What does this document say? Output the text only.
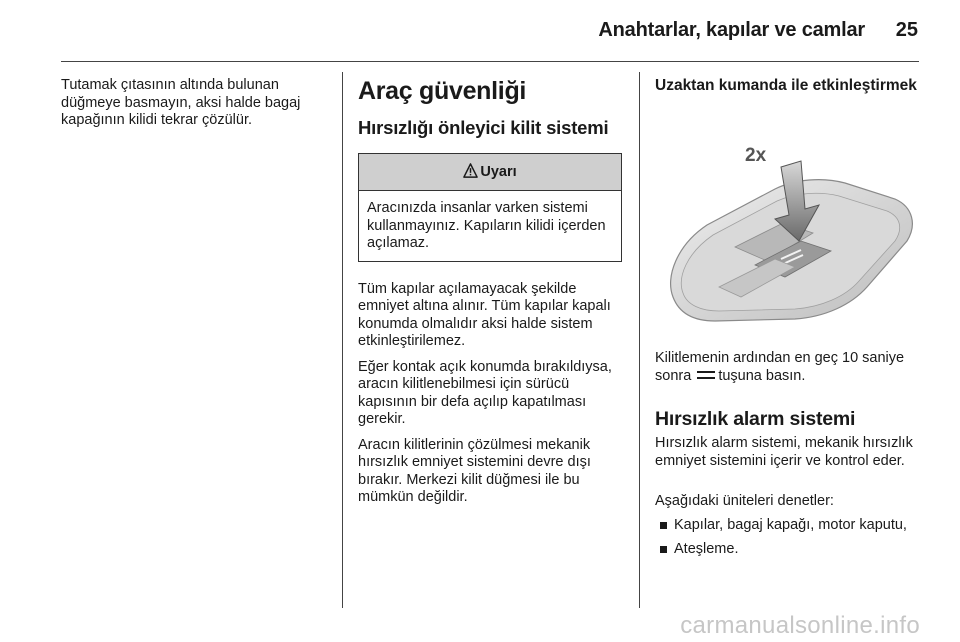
Anahtarlar, kapılar ve camlar 25
Tutamak çıtasının altında bulunan düğmeye basmayın, aksi halde bagaj kapağının kilidi tekrar çözülür.
Araç güvenliği
Hırsızlığı önleyici kilit sistemi
Uyarı
Aracınızda insanlar varken sistemi kullanmayınız. Kapıların kilidi içerden açılamaz.
Tüm kapılar açılamayacak şekilde emniyet altına alınır. Tüm kapılar kapalı konumda olmalıdır aksi halde sistem etkinleştirilemez.
Eğer kontak açık konumda bırakıldıysa, aracın kilitlenebilmesi için sürücü kapısının bir defa açılıp kapatılması gerekir.
Aracın kilitlerinin çözülmesi mekanik hırsızlık emniyet sistemini devre dışı bırakır. Merkezi kilit düğmesi ile bu mümkün değildir.
Uzaktan kumanda ile etkinleştirmek
2x
Kilitlemenin ardından en geç 10 saniye sonra tuşuna basın.
Hırsızlık alarm sistemi
Hırsızlık alarm sistemi, mekanik hırsızlık emniyet sistemini içerir ve kontrol eder.
Aşağıdaki üniteleri denetler:
Kapılar, bagaj kapağı, motor kaputu,
Ateşleme.
carmanualsonline.info
